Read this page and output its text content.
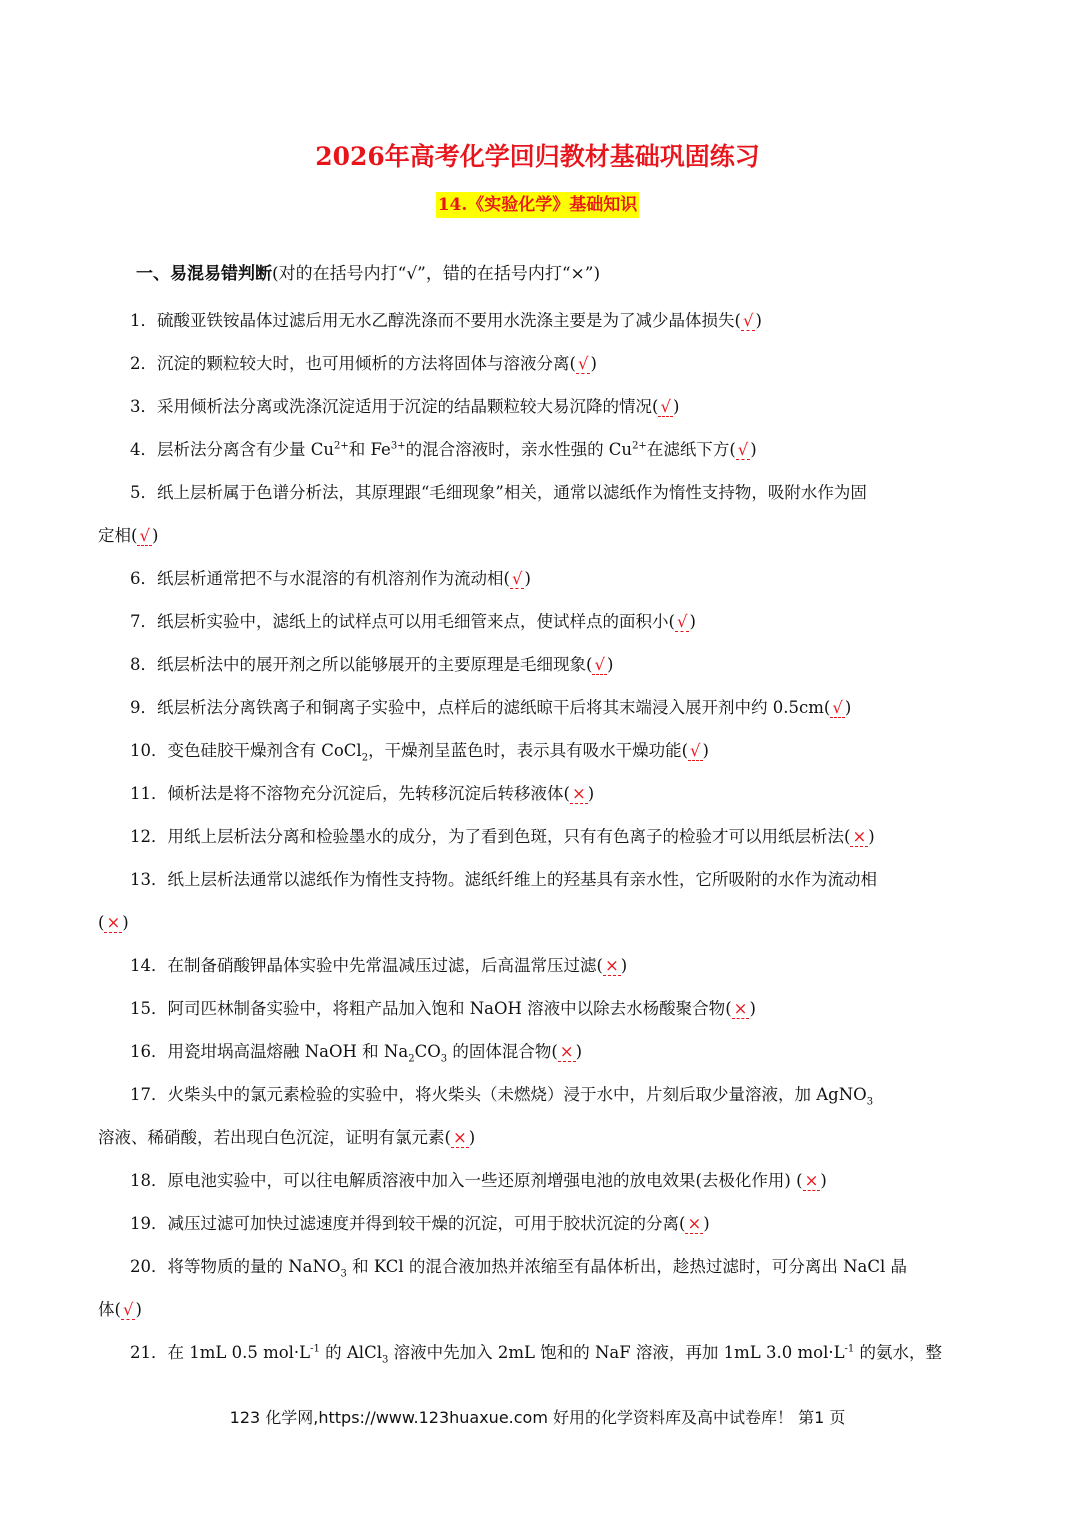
2026年高考化学回归教材基础巩固练习
14.《实验化学》基础知识
一、易混易错判断(对的在括号内打“√”，错的在括号内打“×”)
1．硫酸亚铁铵晶体过滤后用无水乙醇洗涤而不要用水洗涤主要是为了减少晶体损失( √ )
2．沉淀的颗粒较大时，也可用倾析的方法将固体与溶液分离( √ )
3．采用倾析法分离或洗涤沉淀适用于沉淀的结晶颗粒较大易沉降的情况( √ )
4．层析法分离含有少量 $Cu^{2+}$和 $Fe^{3+}$的混合溶液时，亲水性强的 $Cu^{2+}$在滤纸下方( √ )
5．纸上层析属于色谱分析法，其原理跟“毛细现象”相关，通常以滤纸作为惰性支持物，吸附水作为固
定相( √ )
6．纸层析通常把不与水混溶的有机溶剂作为流动相( √ )
7．纸层析实验中，滤纸上的试样点可以用毛细管来点，使试样点的面积小( √ )
8．纸层析法中的展开剂之所以能够展开的主要原理是毛细现象( √ )
9．纸层析法分离铁离子和铜离子实验中，点样后的滤纸晾干后将其末端浸入展开剂中约 0.5cm( √ )
10．变色硅胶干燥剂含有 CoCl$_2$，干燥剂呈蓝色时，表示具有吸水干燥功能( √ )
11．倾析法是将不溶物充分沉淀后，先转移沉淀后转移液体( × )
12．用纸上层析法分离和检验墨水的成分，为了看到色斑，只有有色离子的检验才可以用纸层析法( × )
13．纸上层析法通常以滤纸作为惰性支持物。滤纸纤维上的羟基具有亲水性，它所吸附的水作为流动相
( × )
14．在制备硝酸钾晶体实验中先常温减压过滤，后高温常压过滤( × )
15．阿司匹林制备实验中，将粗产品加入饱和 NaOH 溶液中以除去水杨酸聚合物( × )
16．用瓷坩埚高温熔融 NaOH 和 $Na_2CO_3$ 的固体混合物( × )
17．火柴头中的氯元素检验的实验中，将火柴头（未燃烧）浸于水中，片刻后取少量溶液，加 AgNO$_3$
溶液、稀硝酸，若出现白色沉淀，证明有氯元素( × )
18．原电池实验中，可以往电解质溶液中加入一些还原剂增强电池的放电效果(去极化作用) ( × )
19．减压过滤可加快过滤速度并得到较干燥的沉淀，可用于胶状沉淀的分离( × )
20．将等物质的量的 NaNO$_3$ 和 KCl 的混合液加热并浓缩至有晶体析出，趁热过滤时，可分离出 NaCl 晶
体( √ )
21．在 1mL 0.5 $mol\cdot L^{-1}$ 的 AlCl$_3$ 溶液中先加入 2mL 饱和的 NaF 溶液，再加 1mL 3.0 $mol\cdot L^{-1}$ 的氨水，整
123 化学网,https://www.123huaxue.com 好用的化学资料库及高中试卷库！ 第1 页
